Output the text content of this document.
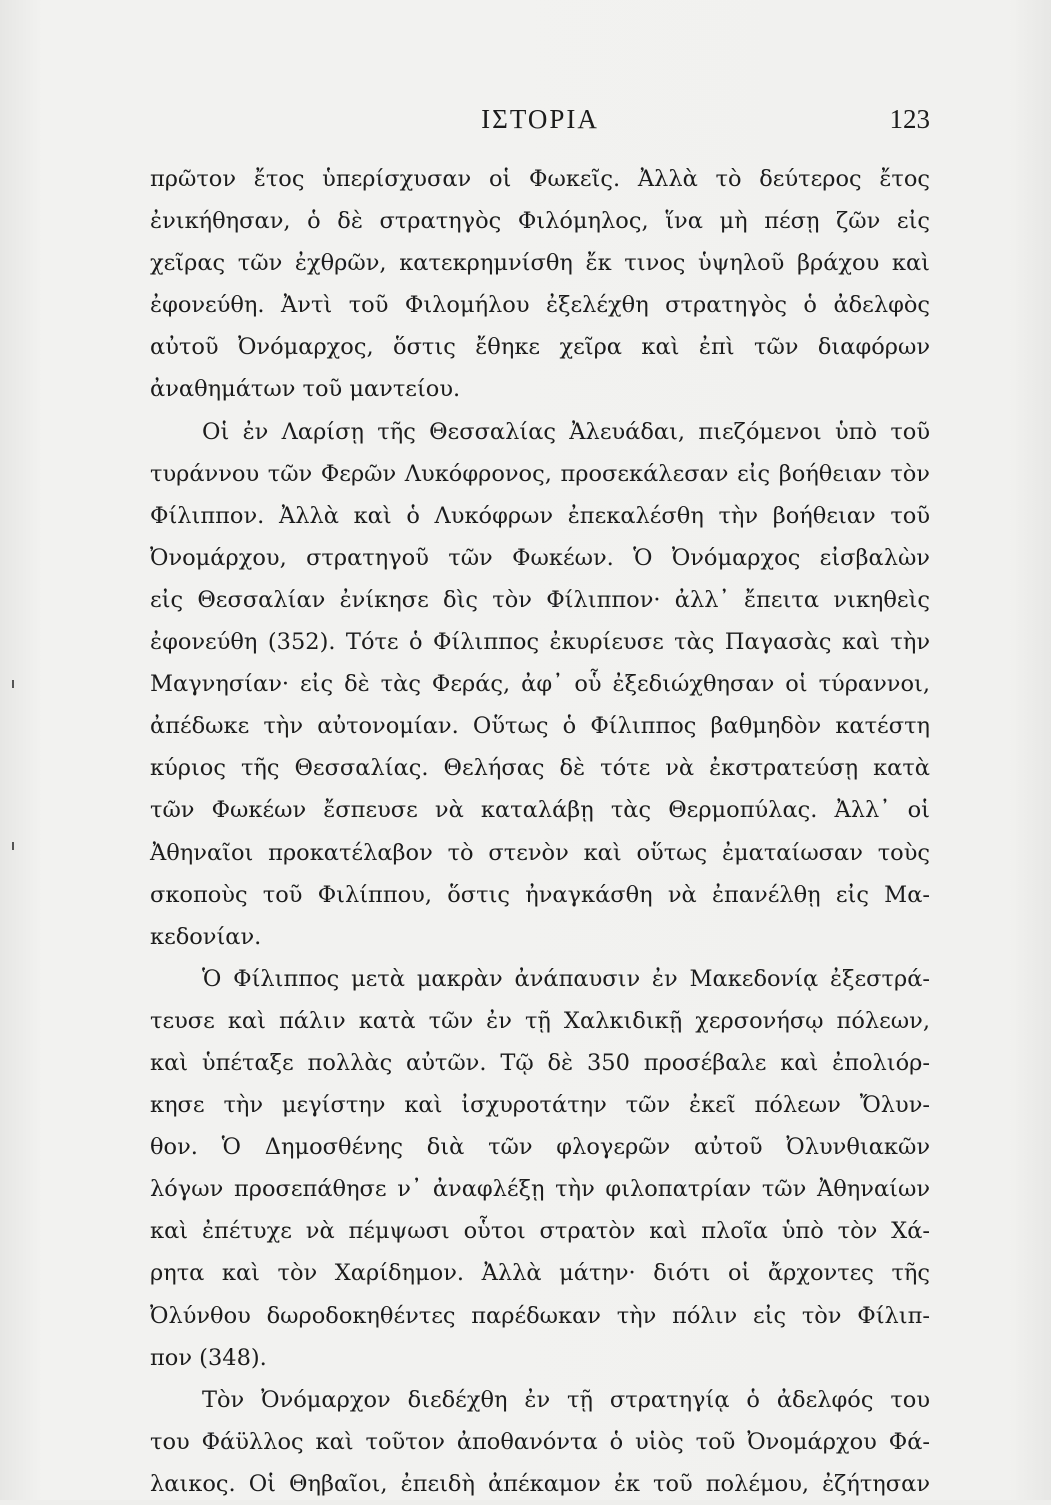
ΙΣΤΟΡΙΑ	123
πρῶτον ἔτος ὑπερίσχυσαν οἱ Φωκεῖς. Ἀλλὰ τὸ δεύτερος ἔτος
ἐνικήθησαν, ὁ δὲ στρατηγὸς Φιλόμηλος, ἵνα μὴ πέσῃ ζῶν εἰς
χεῖρας τῶν ἐχθρῶν, κατεκρημνίσθη ἔκ τινος ὑψηλοῦ βράχου καὶ
ἐφονεύθη. Ἀντὶ τοῦ Φιλομήλου ἐξελέχθη στρατηγὸς ὁ ἀδελφὸς
αὐτοῦ Ὀνόμαρχος, ὅστις ἔθηκε χεῖρα καὶ ἐπὶ τῶν διαφόρων
ἀναθημάτων τοῦ μαντείου.
Οἱ ἐν Λαρίσῃ τῆς Θεσσαλίας Ἀλευάδαι, πιεζόμενοι ὑπὸ τοῦ
τυράννου τῶν Φερῶν Λυκόφρονος, προσεκάλεσαν εἰς βοήθειαν τὸν
Φίλιππον. Ἀλλὰ καὶ ὁ Λυκόφρων ἐπεκαλέσθη τὴν βοήθειαν τοῦ
Ὀνομάρχου, στρατηγοῦ τῶν Φωκέων. Ὁ Ὀνόμαρχος εἰσβαλὼν
εἰς Θεσσαλίαν ἐνίκησε δὶς τὸν Φίλιππον· ἀλλ᾽ ἔπειτα νικηθεὶς
ἐφονεύθη (352). Τότε ὁ Φίλιππος ἐκυρίευσε τὰς Παγασὰς καὶ τὴν
Μαγνησίαν· εἰς δὲ τὰς Φεράς, ἀφ᾽ οὗ ἐξεδιώχθησαν οἱ τύραννοι,
ἀπέδωκε τὴν αὐτονομίαν. Οὕτως ὁ Φίλιππος βαθμηδὸν κατέστη
κύριος τῆς Θεσσαλίας. Θελήσας δὲ τότε νὰ ἐκστρατεύσῃ κατὰ
τῶν Φωκέων ἔσπευσε νὰ καταλάβῃ τὰς Θερμοπύλας. Ἀλλ᾽ οἱ
Ἀθηναῖοι προκατέλαβον τὸ στενὸν καὶ οὕτως ἐματαίωσαν τοὺς
σκοποὺς τοῦ Φιλίππου, ὅστις ἠναγκάσθη νὰ ἐπανέλθῃ εἰς Μα-
κεδονίαν.
Ὁ Φίλιππος μετὰ μακρὰν ἀνάπαυσιν ἐν Μακεδονίᾳ ἐξεστρά-
τευσε καὶ πάλιν κατὰ τῶν ἐν τῇ Χαλκιδικῇ χερσονήσῳ πόλεων,
καὶ ὑπέταξε πολλὰς αὐτῶν. Τῷ δὲ 350 προσέβαλε καὶ ἐπολιόρ-
κησε τὴν μεγίστην καὶ ἰσχυροτάτην τῶν ἐκεῖ πόλεων Ὄλυν-
θον. Ὁ Δημοσθένης διὰ τῶν φλογερῶν αὐτοῦ Ὀλυνθιακῶν
λόγων προσεπάθησε ν᾽ ἀναφλέξῃ τὴν φιλοπατρίαν τῶν Ἀθηναίων
καὶ ἐπέτυχε νὰ πέμψωσι οὗτοι στρατὸν καὶ πλοῖα ὑπὸ τὸν Χά-
ρητα καὶ τὸν Χαρίδημον. Ἀλλὰ μάτην· διότι οἱ ἄρχοντες τῆς
Ὀλύνθου δωροδοκηθέντες παρέδωκαν τὴν πόλιν εἰς τὸν Φίλιπ-
πον (348).
Τὸν Ὀνόμαρχον διεδέχθη ἐν τῇ στρατηγίᾳ ὁ ἀδελφός του
του Φάϋλλος καὶ τοῦτον ἀποθανόντα ὁ υἱὸς τοῦ Ὀνομάρχου Φά-
λαικος. Οἱ Θηβαῖοι, ἐπειδὴ ἀπέκαμον ἐκ τοῦ πολέμου, ἐζήτησαν
